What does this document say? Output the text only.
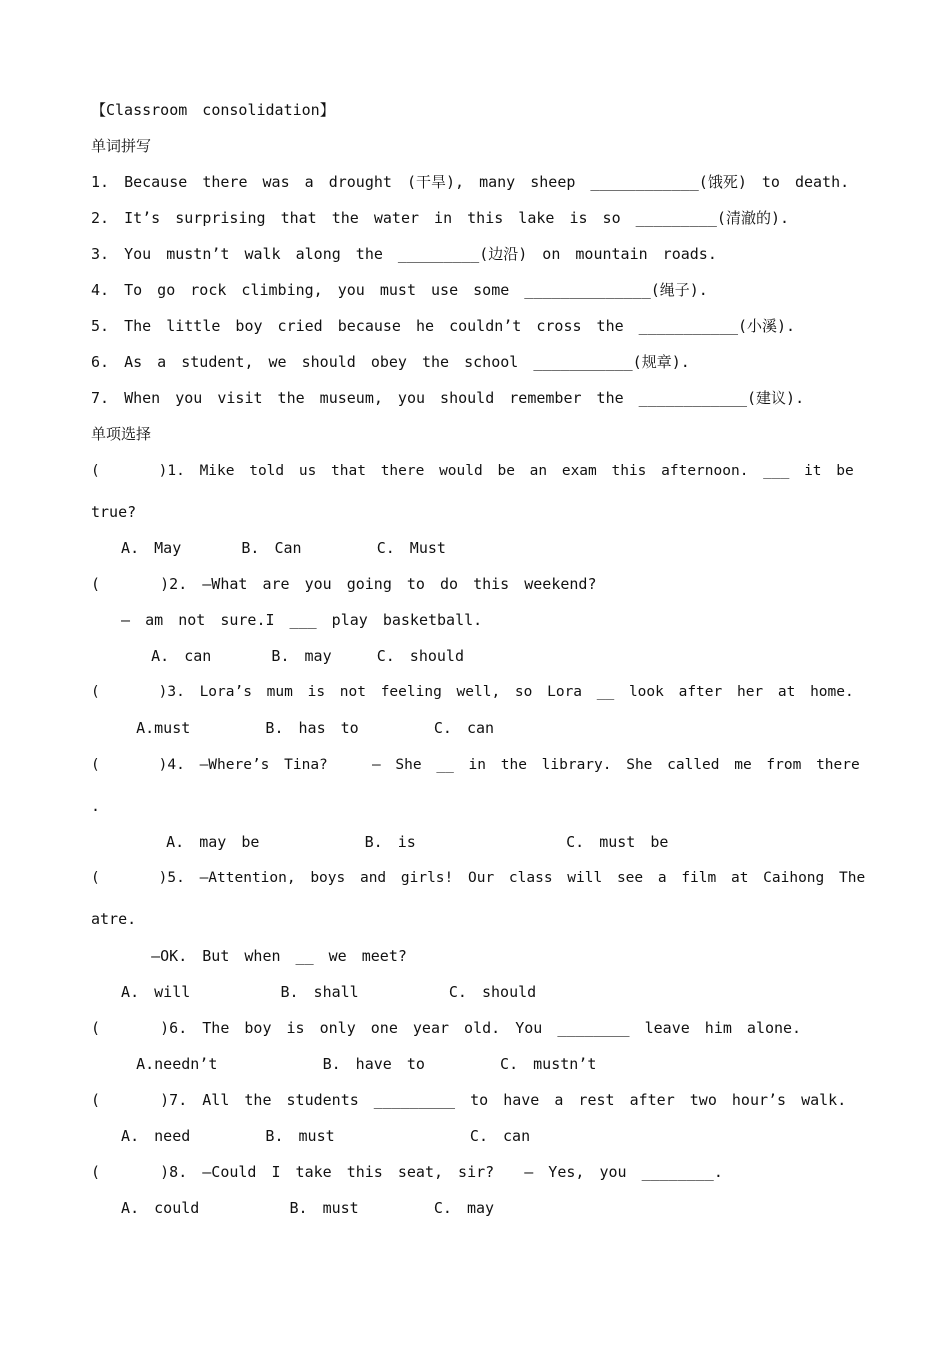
【Classroom consolidation】
单词拼写
1. Because there was a drought (干旱), many sheep ____________(饿死) to death.
2. It’s surprising that the water in this lake is so _________(清澈的).
3. You mustn’t walk along the _________(边沿) on mountain roads.
4. To go rock climbing, you must use some ______________(绳子).
5. The little boy cried because he couldn’t cross the ___________(小溪).
6. As a student, we should obey the school ___________(规章).
7. When you visit the museum, you should remember the ____________(建议).
单项选择
(    )1. Mike told us that there would be an exam this afternoon. ___ it be
true?
A. May    B. Can     C. Must
(    )2. —What are you going to do this weekend?
— am not sure.I ___ play basketball.
A. can    B. may   C. should
(    )3. Lora’s mum is not feeling well, so Lora __ look after her at home.
A.must     B. has to     C. can
(    )4. —Where’s Tina?   — She __ in the library. She called me from there
.
A. may be       B. is          C. must be
(    )5. —Attention, boys and girls! Our class will see a film at Caihong The
atre.
—OK. But when __ we meet?
A. will      B. shall      C. should
(    )6. The boy is only one year old. You ________ leave him alone.
A.needn’t       B. have to     C. mustn’t
(    )7. All the students _________ to have a rest after two hour’s walk.
A. need     B. must         C. can
(    )8. —Could I take this seat, sir?  — Yes, you ________.
A. could      B. must     C. may
